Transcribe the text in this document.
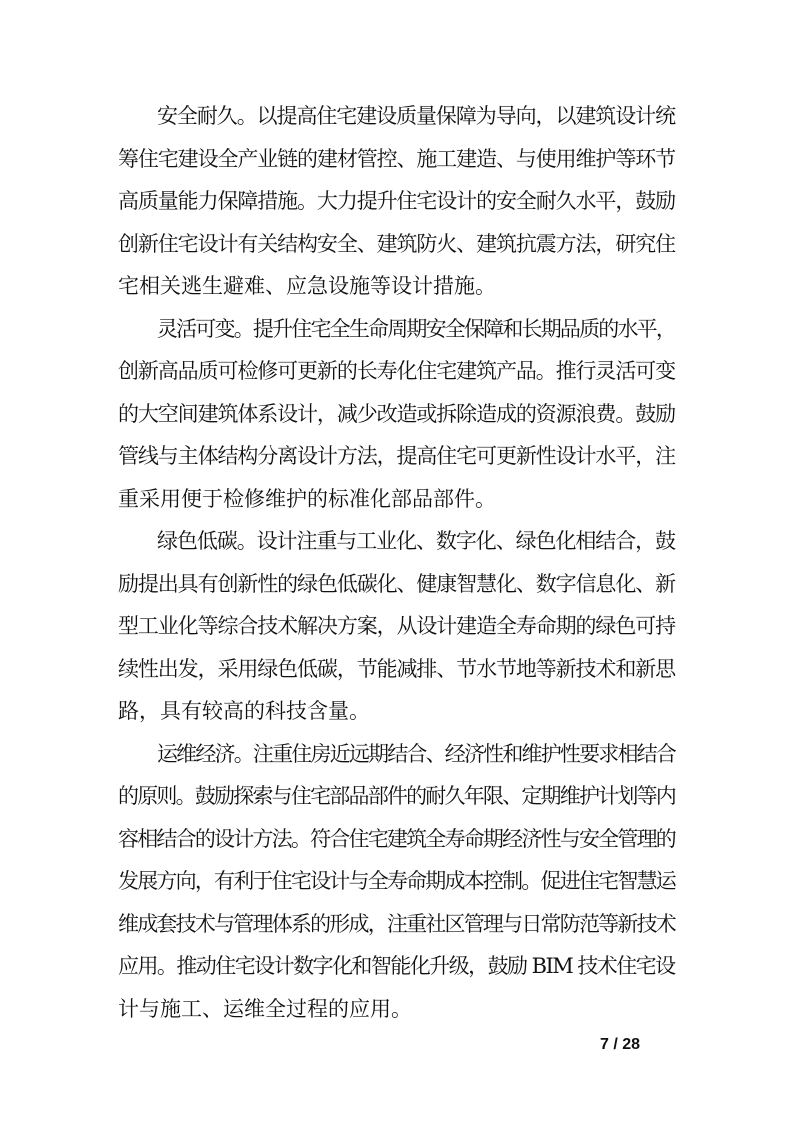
安全耐久。以提高住宅建设质量保障为导向，以建筑设计统
筹住宅建设全产业链的建材管控、施工建造、与使用维护等环节
高质量能力保障措施。大力提升住宅设计的安全耐久水平，鼓励
创新住宅设计有关结构安全、建筑防火、建筑抗震方法，研究住
宅相关逃生避难、应急设施等设计措施。
灵活可变。提升住宅全生命周期安全保障和长期品质的水平，
创新高品质可检修可更新的长寿化住宅建筑产品。推行灵活可变
的大空间建筑体系设计，减少改造或拆除造成的资源浪费。鼓励
管线与主体结构分离设计方法，提高住宅可更新性设计水平，注
重采用便于检修维护的标准化部品部件。
绿色低碳。设计注重与工业化、数字化、绿色化相结合，鼓
励提出具有创新性的绿色低碳化、健康智慧化、数字信息化、新
型工业化等综合技术解决方案，从设计建造全寿命期的绿色可持
续性出发，采用绿色低碳，节能减排、节水节地等新技术和新思
路，具有较高的科技含量。
运维经济。注重住房近远期结合、经济性和维护性要求相结合
的原则。鼓励探索与住宅部品部件的耐久年限、定期维护计划等内
容相结合的设计方法。符合住宅建筑全寿命期经济性与安全管理的
发展方向，有利于住宅设计与全寿命期成本控制。促进住宅智慧运
维成套技术与管理体系的形成，注重社区管理与日常防范等新技术
应用。推动住宅设计数字化和智能化升级，鼓励 BIM 技术住宅设
计与施工、运维全过程的应用。
7 / 28
